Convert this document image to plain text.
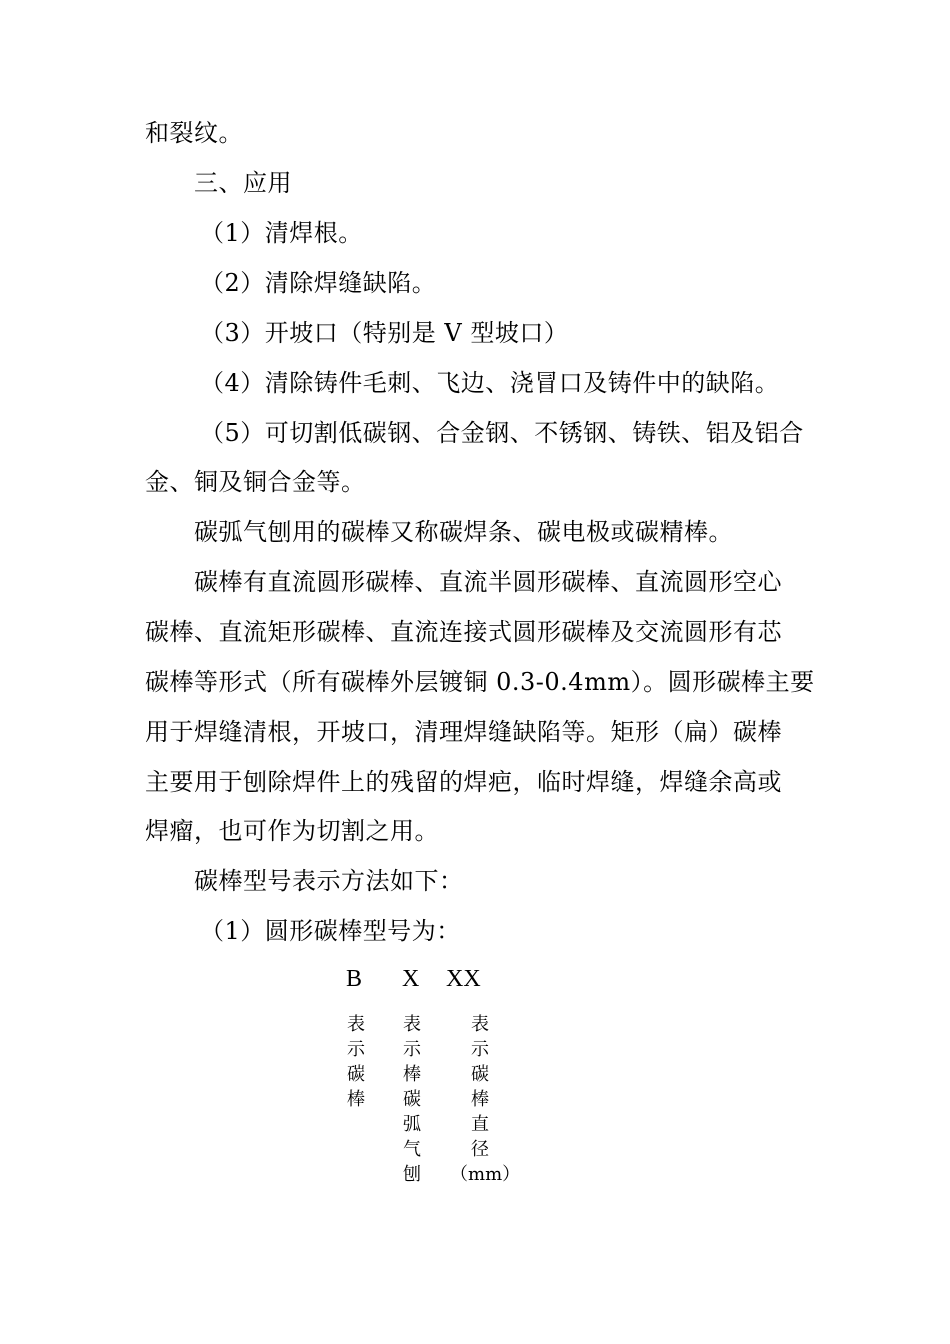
和裂纹。
三、应用
（1）清焊根。
（2）清除焊缝缺陷。
（3）开坡口（特别是 V 型坡口）
（4）清除铸件毛刺、飞边、浇冒口及铸件中的缺陷。
（5）可切割低碳钢、合金钢、不锈钢、铸铁、铝及铝合
金、铜及铜合金等。
碳弧气刨用的碳棒又称碳焊条、碳电极或碳精棒。
碳棒有直流圆形碳棒、直流半圆形碳棒、直流圆形空心
碳棒、直流矩形碳棒、直流连接式圆形碳棒及交流圆形有芯
碳棒等形式（所有碳棒外层镀铜 0.3-0.4mm）。圆形碳棒主要
用于焊缝清根，开坡口，清理焊缝缺陷等。矩形（扁）碳棒
主要用于刨除焊件上的残留的焊疤，临时焊缝，焊缝余高或
焊瘤，也可作为切割之用。
碳棒型号表示方法如下：
（1）圆形碳棒型号为：
B X XX
表
示
碳
棒
表
示
棒
碳
弧
气
刨
表
示
碳
棒
直
径
（mm）
